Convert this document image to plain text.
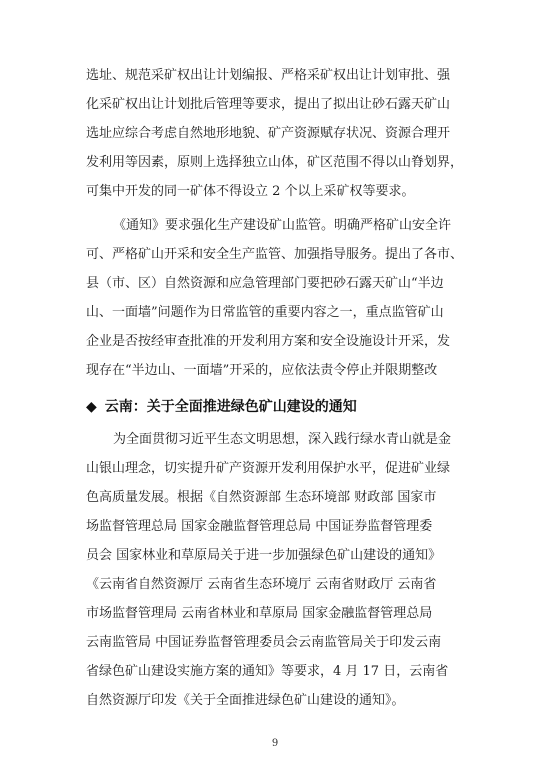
选址、规范采矿权出让计划编报、严格采矿权出让计划审批、强
化采矿权出让计划批后管理等要求，提出了拟出让砂石露天矿山
选址应综合考虑自然地形地貌、矿产资源赋存状况、资源合理开
发利用等因素，原则上选择独立山体，矿区范围不得以山脊划界，
可集中开发的同一矿体不得设立 2 个以上采矿权等要求。
《通知》要求强化生产建设矿山监管。明确严格矿山安全许
可、严格矿山开采和安全生产监管、加强指导服务。提出了各市、
县（市、区）自然资源和应急管理部门要把砂石露天矿山“半边
山、一面墙”问题作为日常监管的重要内容之一，重点监管矿山
企业是否按经审查批准的开发利用方案和安全设施设计开采，发
现存在“半边山、一面墙”开采的，应依法责令停止并限期整改
◆ 云南：关于全面推进绿色矿山建设的通知
为全面贯彻习近平生态文明思想，深入践行绿水青山就是金
山银山理念，切实提升矿产资源开发利用保护水平，促进矿业绿
色高质量发展。根据《自然资源部 生态环境部 财政部 国家市
场监督管理总局 国家金融监督管理总局 中国证券监督管理委
员会 国家林业和草原局关于进一步加强绿色矿山建设的通知》
《云南省自然资源厅 云南省生态环境厅 云南省财政厅 云南省
市场监督管理局 云南省林业和草原局 国家金融监督管理总局
云南监管局 中国证券监督管理委员会云南监管局关于印发云南
省绿色矿山建设实施方案的通知》等要求，4 月 17 日，云南省
自然资源厅印发《关于全面推进绿色矿山建设的通知》。
9
